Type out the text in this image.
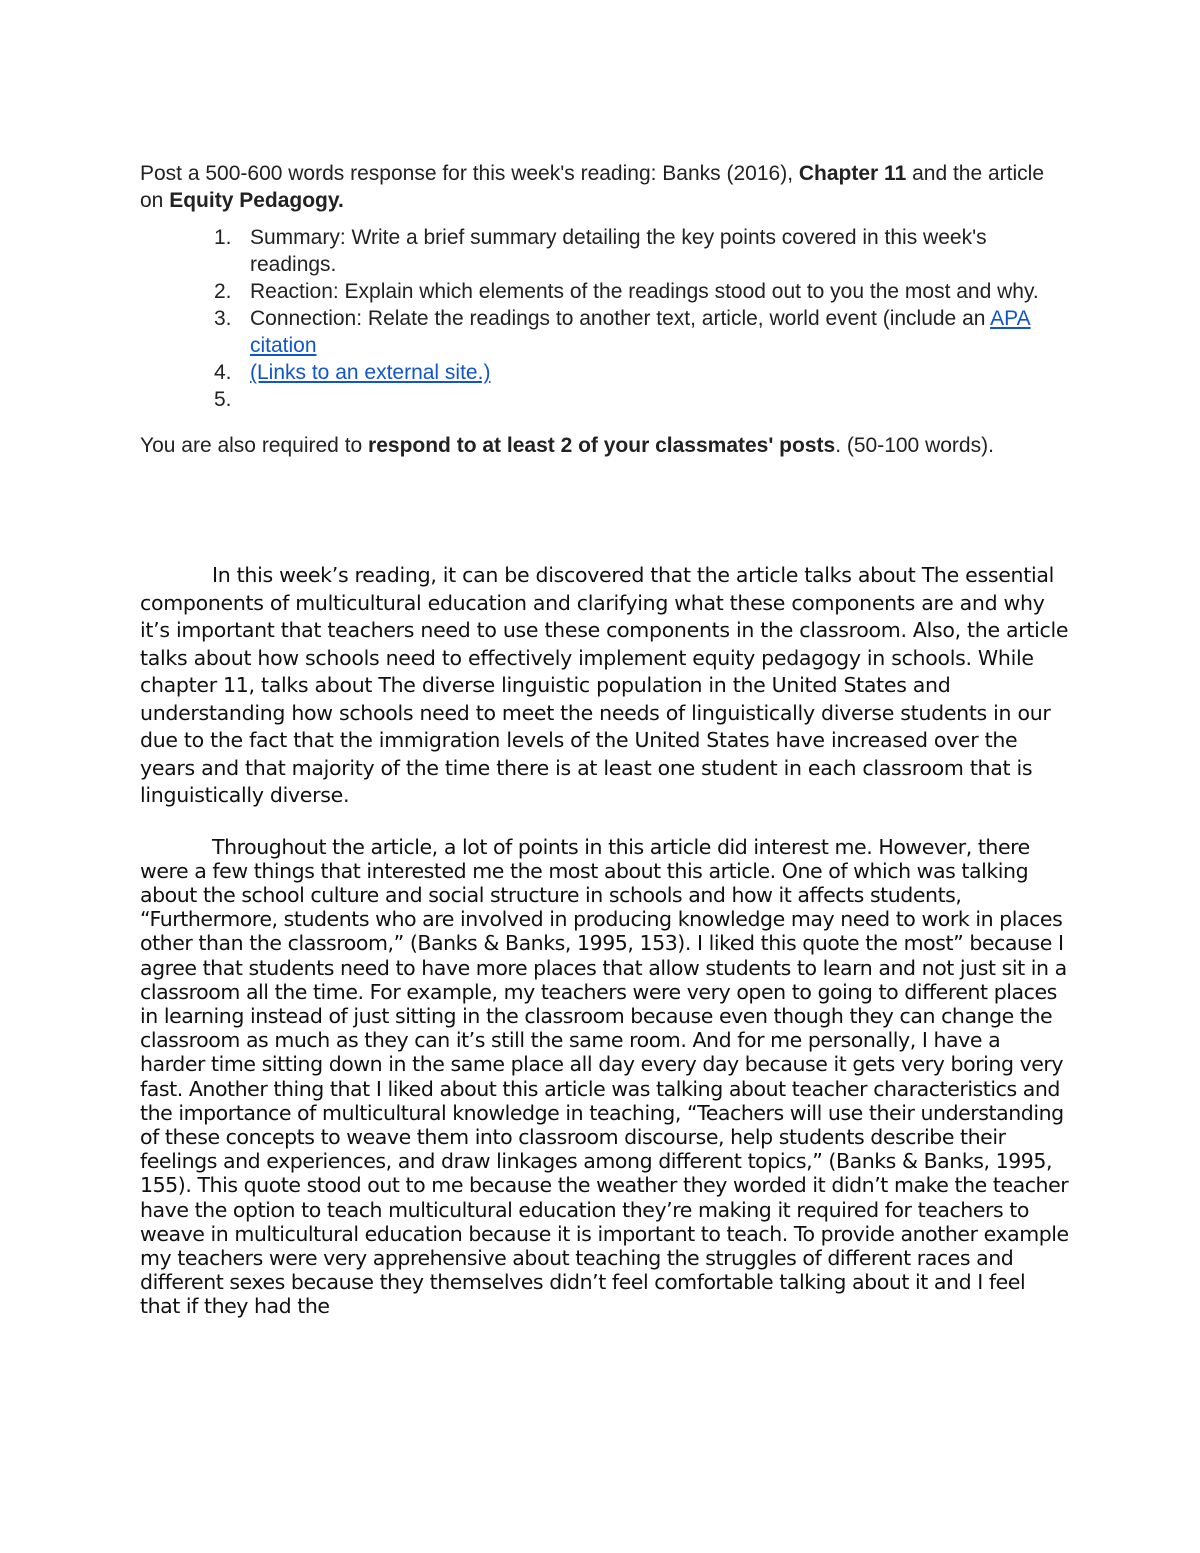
Post a 500-600 words response for this week's reading: Banks (2016), Chapter 11 and the article on Equity Pedagogy.

1. Summary: Write a brief summary detailing the key points covered in this week's readings.
2. Reaction: Explain which elements of the readings stood out to you the most and why.
3. Connection: Relate the readings to another text, article, world event (include an APA citation
4. (Links to an external site.)
5.

You are also required to respond to at least 2 of your classmates' posts. (50-100 words).

In this week’s reading, it can be discovered that the article talks about The essential components of multicultural education and clarifying what these components are and why it’s important that teachers need to use these components in the classroom. Also, the article talks about how schools need to effectively implement equity pedagogy in schools. While chapter 11, talks about The diverse linguistic population in the United States and understanding how schools need to meet the needs of linguistically diverse students in our due to the fact that the immigration levels of the United States have increased over the years and that majority of the time there is at least one student in each classroom that is linguistically diverse.

Throughout the article, a lot of points in this article did interest me. However, there were a few things that interested me the most about this article. One of which was talking about the school culture and social structure in schools and how it affects students, “Furthermore, students who are involved in producing knowledge may need to work in places other than the classroom,” (Banks & Banks, 1995, 153). I liked this quote the most” because I agree that students need to have more places that allow students to learn and not just sit in a classroom all the time. For example, my teachers were very open to going to different places in learning instead of just sitting in the classroom because even though they can change the classroom as much as they can it’s still the same room. And for me personally, I have a harder time sitting down in the same place all day every day because it gets very boring very fast. Another thing that I liked about this article was talking about teacher characteristics and the importance of multicultural knowledge in teaching, “Teachers will use their understanding of these concepts to weave them into classroom discourse, help students describe their feelings and experiences, and draw linkages among different topics,” (Banks & Banks, 1995, 155). This quote stood out to me because the weather they worded it didn’t make the teacher have the option to teach multicultural education they’re making it required for teachers to weave in multicultural education because it is important to teach. To provide another example my teachers were very apprehensive about teaching the struggles of different races and different sexes because they themselves didn’t feel comfortable talking about it and I feel that if they had the
